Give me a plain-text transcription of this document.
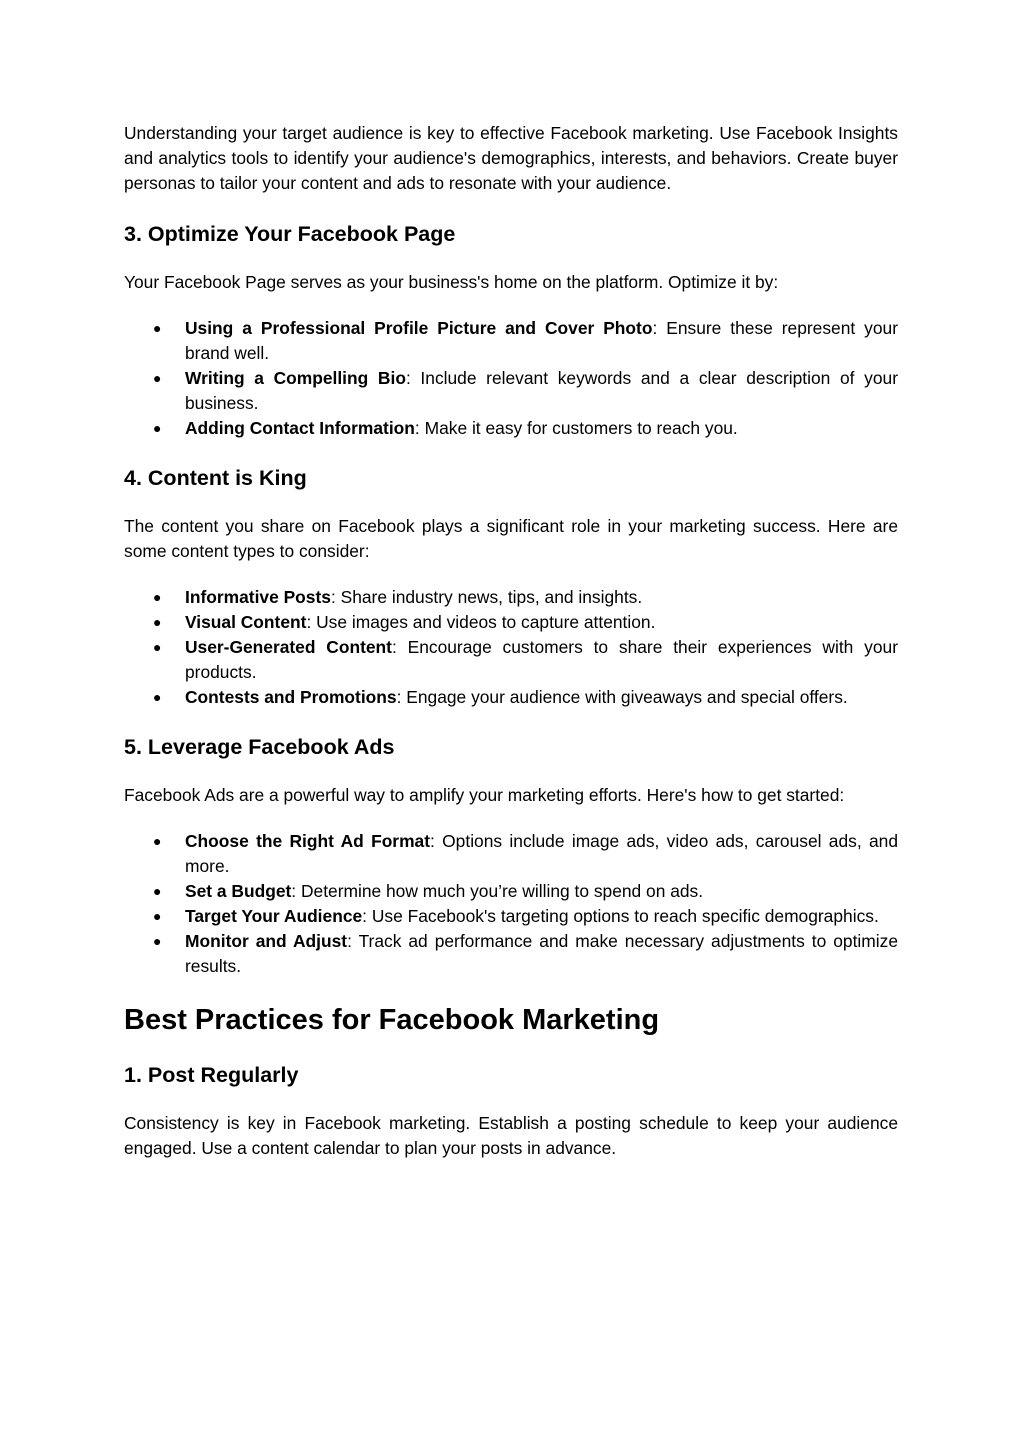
Understanding your target audience is key to effective Facebook marketing. Use Facebook Insights and analytics tools to identify your audience's demographics, interests, and behaviors. Create buyer personas to tailor your content and ads to resonate with your audience.

3. Optimize Your Facebook Page

Your Facebook Page serves as your business's home on the platform. Optimize it by:

● Using a Professional Profile Picture and Cover Photo: Ensure these represent your brand well.
● Writing a Compelling Bio: Include relevant keywords and a clear description of your business.
● Adding Contact Information: Make it easy for customers to reach you.
4. Content is King

The content you share on Facebook plays a significant role in your marketing success. Here are some content types to consider:

● Informative Posts: Share industry news, tips, and insights.
● Visual Content: Use images and videos to capture attention.
● User-Generated Content: Encourage customers to share their experiences with your products.
● Contests and Promotions: Engage your audience with giveaways and special offers.
5. Leverage Facebook Ads

Facebook Ads are a powerful way to amplify your marketing efforts. Here's how to get started:

● Choose the Right Ad Format: Options include image ads, video ads, carousel ads, and more.
● Set a Budget: Determine how much you’re willing to spend on ads.
● Target Your Audience: Use Facebook's targeting options to reach specific demographics.
● Monitor and Adjust: Track ad performance and make necessary adjustments to optimize results.
Best Practices for Facebook Marketing
1. Post Regularly

Consistency is key in Facebook marketing. Establish a posting schedule to keep your audience engaged. Use a content calendar to plan your posts in advance.
